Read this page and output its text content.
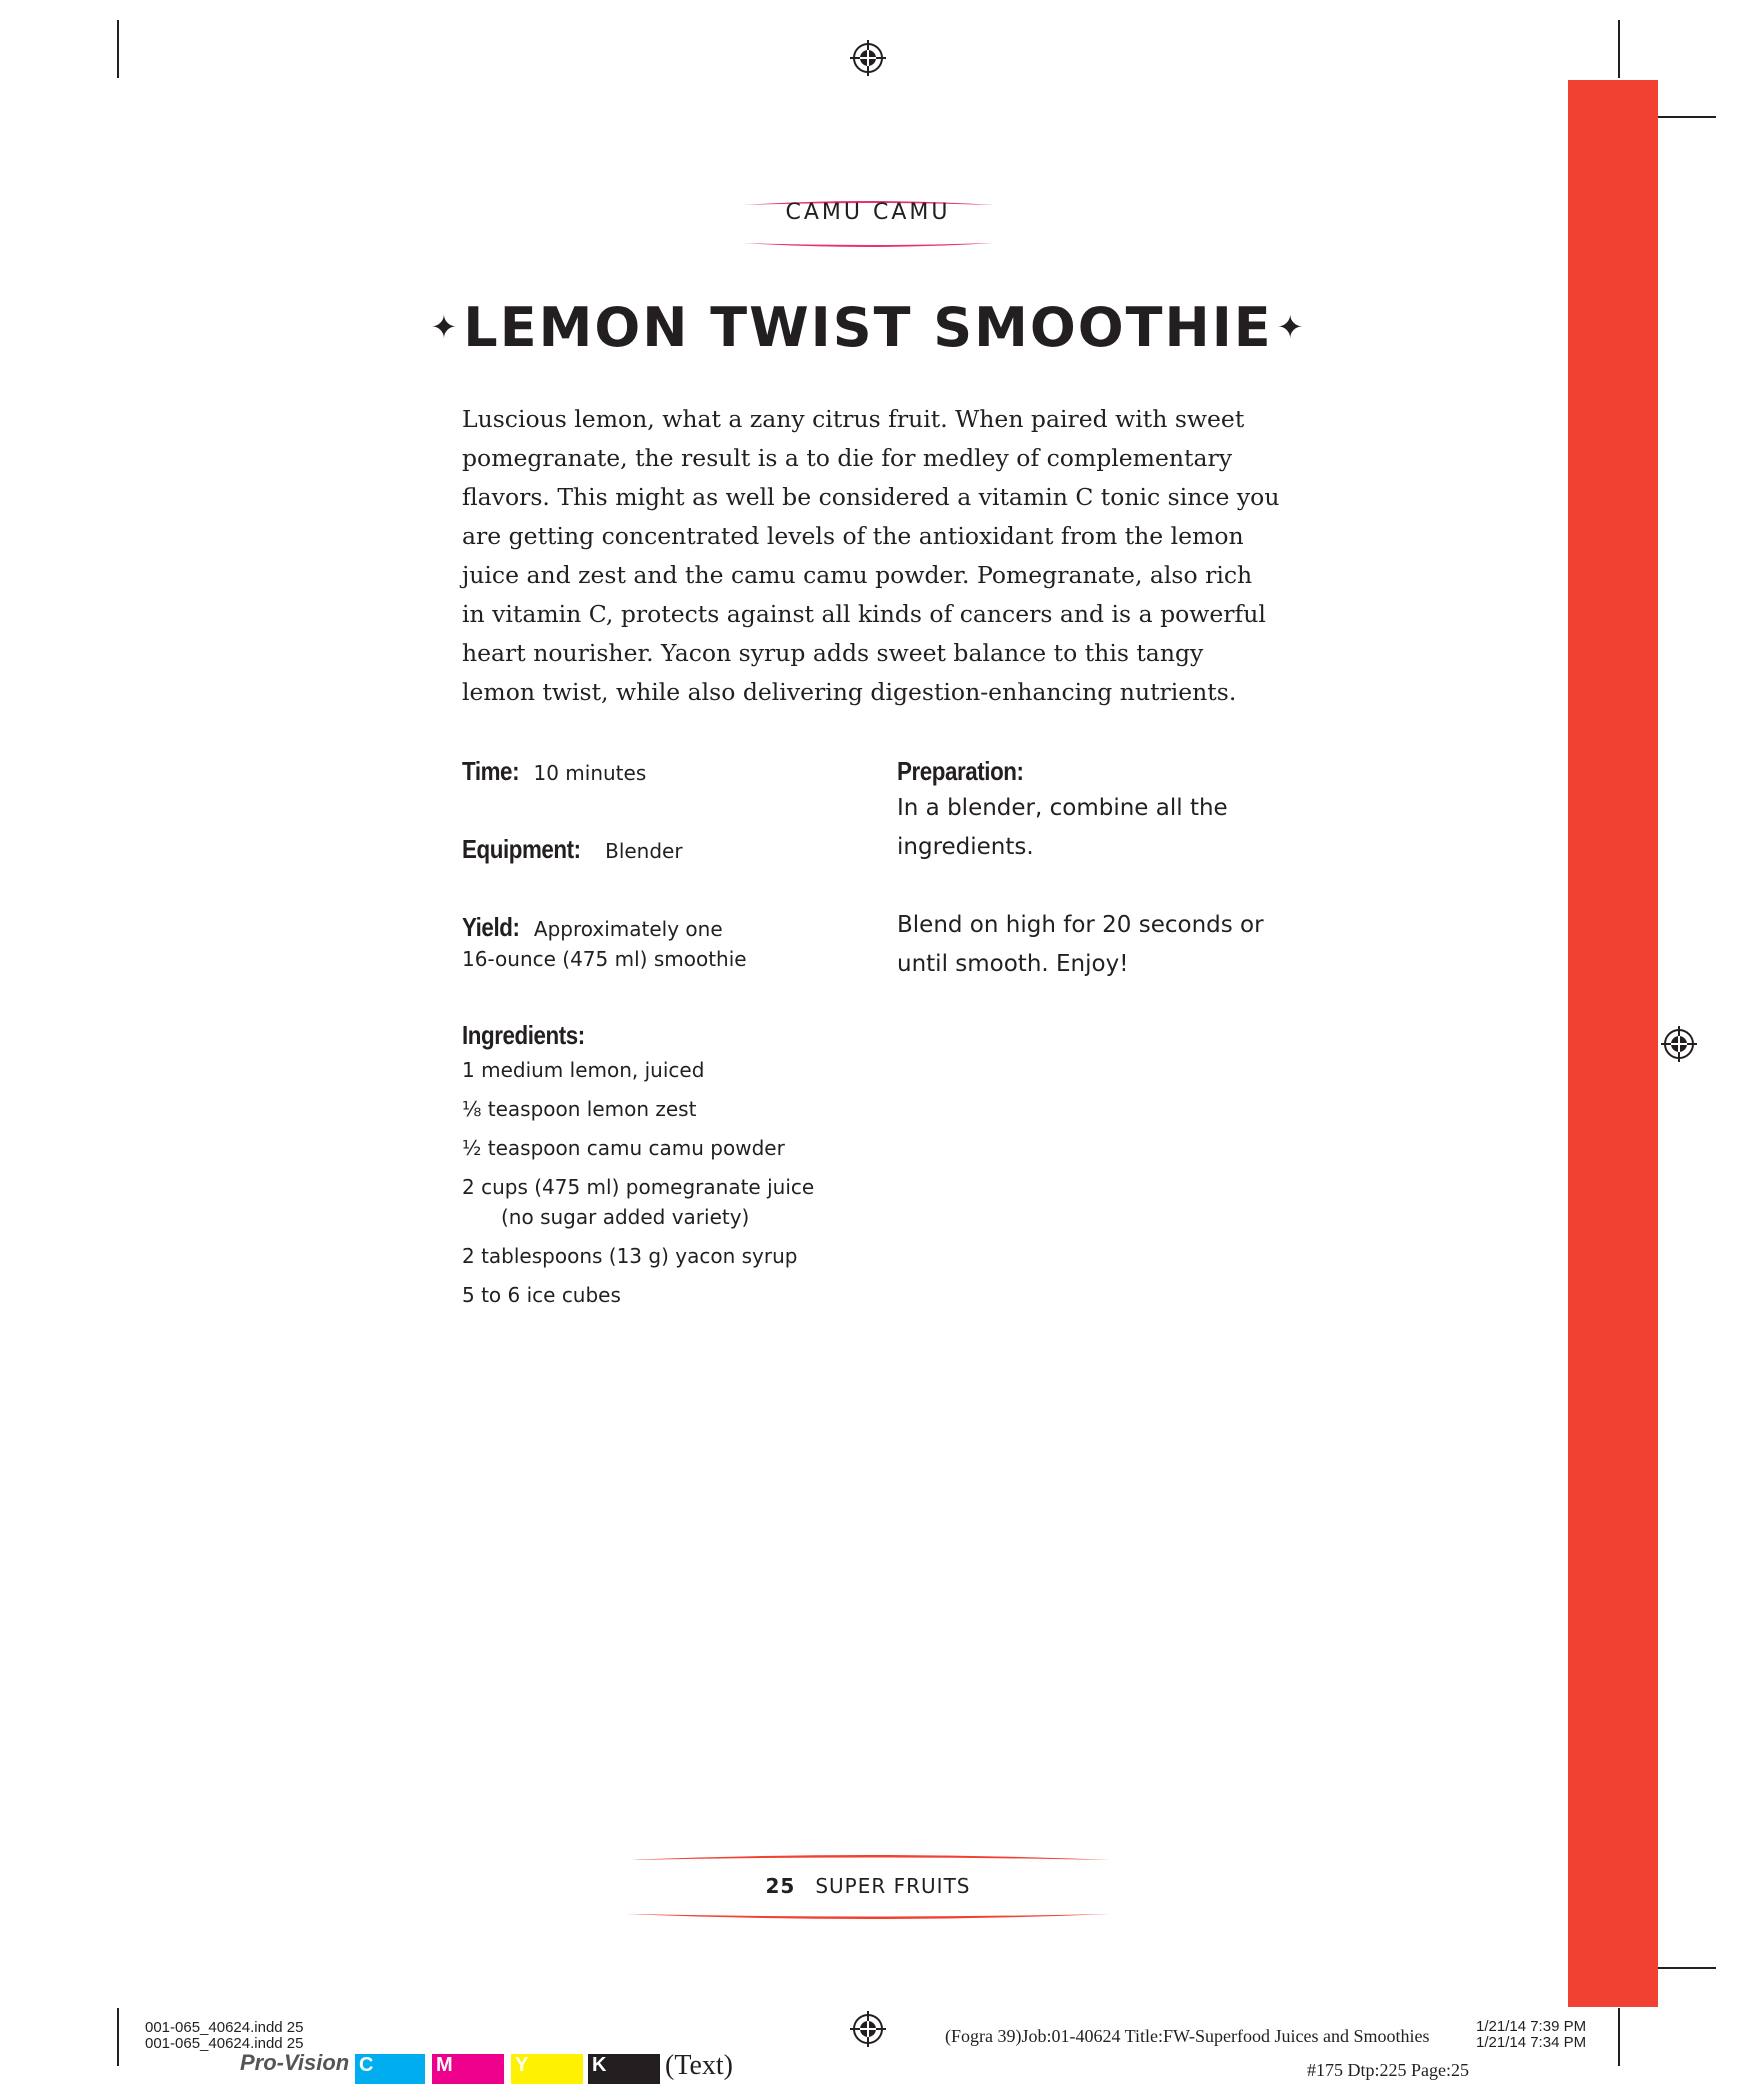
CAMU CAMU
✦LEMON TWIST SMOOTHIE ✦
Luscious lemon, what a zany citrus fruit. When paired with sweet pomegranate, the result is a to die for medley of complementary flavors. This might as well be considered a vitamin C tonic since you are getting concentrated levels of the antioxidant from the lemon juice and zest and the camu camu powder. Pomegranate, also rich in vitamin C, protects against all kinds of cancers and is a powerful heart nourisher. Yacon syrup adds sweet balance to this tangy lemon twist, while also delivering digestion-enhancing nutrients.
Time: 10 minutes
Equipment: Blender
Yield: Approximately one
16-ounce (475 ml) smoothie
Ingredients:
1 medium lemon, juiced
⅛ teaspoon lemon zest
½ teaspoon camu camu powder
2 cups (475 ml) pomegranate juice
(no sugar added variety)
2 tablespoons (13 g) yacon syrup
5 to 6 ice cubes
Preparation:

In a blender, combine all the ingredients.

Blend on high for 20 seconds or until smooth. Enjoy!

25 SUPER FRUITS
001-065_40624.indd 25
001-065_40624.indd 25
Pro-Vision C	M	Y	K	(Text)
(Fogra 39)Job:01-40624 Title:FW-Superfood Juices and Smoothies	1/21/14 7:39 PM
1/21/14 7:34 PM
#175 Dtp:225 Page:25
